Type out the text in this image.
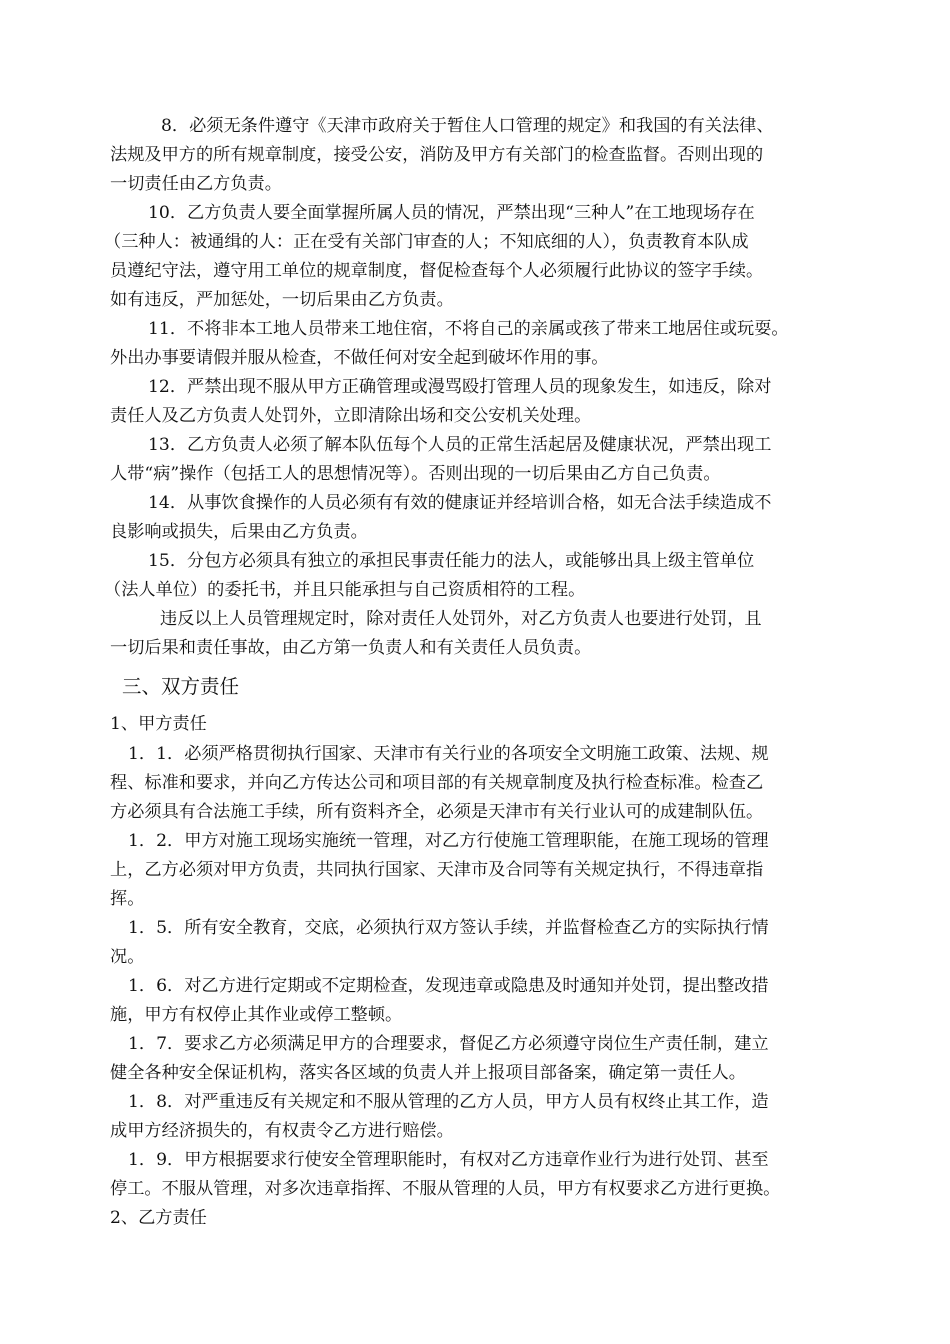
8．必须无条件遵守《天津市政府关于暂住人口管理的规定》和我国的有关法律、
法规及甲方的所有规章制度，接受公安，消防及甲方有关部门的检查监督。否则出现的
一切责任由乙方负责。
10．乙方负责人要全面掌握所属人员的情况，严禁出现“三种人”在工地现场存在
（三种人：被通缉的人：正在受有关部门审查的人；不知底细的人），负责教育本队成
员遵纪守法，遵守用工单位的规章制度，督促检查每个人必须履行此协议的签字手续。
如有违反，严加惩处，一切后果由乙方负责。
11．不将非本工地人员带来工地住宿，不将自己的亲属或孩了带来工地居住或玩耍。
外出办事要请假并服从检查，不做任何对安全起到破坏作用的事。
12．严禁出现不服从甲方正确管理或漫骂殴打管理人员的现象发生，如违反，除对
责任人及乙方负责人处罚外，立即清除出场和交公安机关处理。
13．乙方负责人必须了解本队伍每个人员的正常生活起居及健康状况，严禁出现工
人带“病”操作（包括工人的思想情况等）。否则出现的一切后果由乙方自己负责。
14．从事饮食操作的人员必须有有效的健康证并经培训合格，如无合法手续造成不
良影响或损失，后果由乙方负责。
15．分包方必须具有独立的承担民事责任能力的法人，或能够出具上级主管单位
（法人单位）的委托书，并且只能承担与自己资质相符的工程。
违反以上人员管理规定时，除对责任人处罚外，对乙方负责人也要进行处罚，且
一切后果和责任事故，由乙方第一负责人和有关责任人员负责。
三、双方责任
1、甲方责任
1．1．必须严格贯彻执行国家、天津市有关行业的各项安全文明施工政策、法规、规
程、标准和要求，并向乙方传达公司和项目部的有关规章制度及执行检查标准。检查乙
方必须具有合法施工手续，所有资料齐全，必须是天津市有关行业认可的成建制队伍。
1．2．甲方对施工现场实施统一管理，对乙方行使施工管理职能，在施工现场的管理
上，乙方必须对甲方负责，共同执行国家、天津市及合同等有关规定执行，不得违章指
挥。
1．5．所有安全教育，交底，必须执行双方签认手续，并监督检查乙方的实际执行情
况。
1．6．对乙方进行定期或不定期检查，发现违章或隐患及时通知并处罚，提出整改措
施，甲方有权停止其作业或停工整顿。
1．7．要求乙方必须满足甲方的合理要求，督促乙方必须遵守岗位生产责任制，建立
健全各种安全保证机构，落实各区域的负责人并上报项目部备案，确定第一责任人。
1．8．对严重违反有关规定和不服从管理的乙方人员，甲方人员有权终止其工作，造
成甲方经济损失的，有权责令乙方进行赔偿。
1．9．甲方根据要求行使安全管理职能时，有权对乙方违章作业行为进行处罚、甚至
停工。不服从管理，对多次违章指挥、不服从管理的人员，甲方有权要求乙方进行更换。
2、乙方责任
